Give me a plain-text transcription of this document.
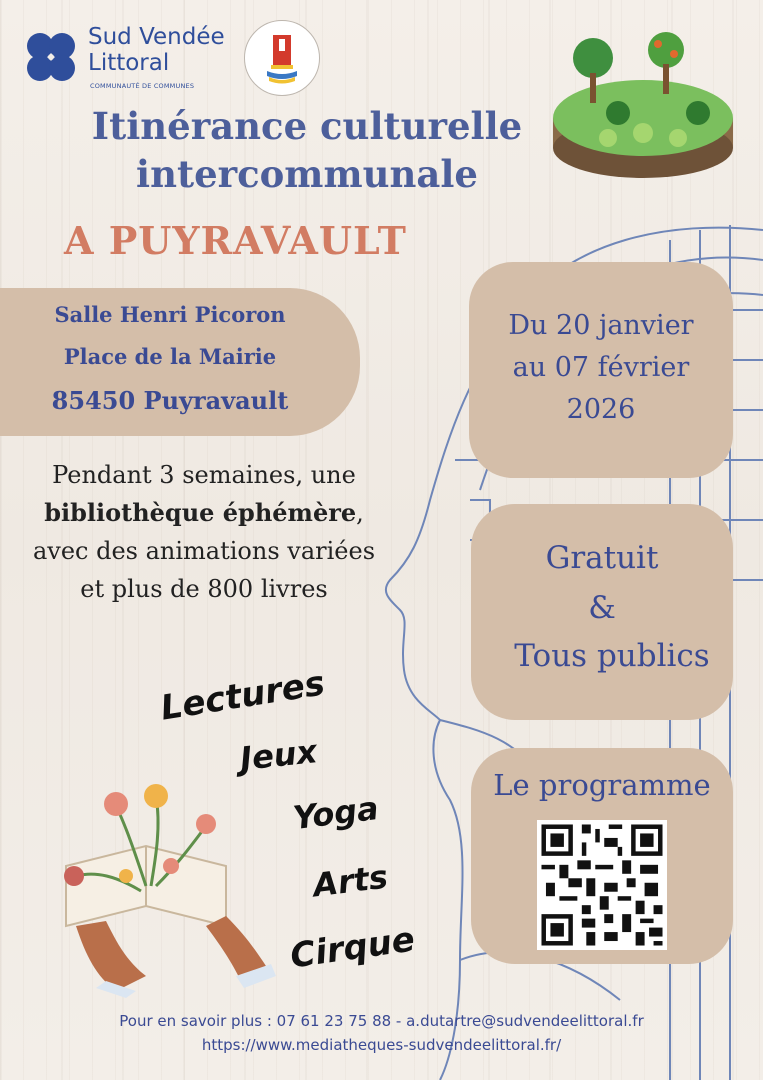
Sud Vendée
Littoral
COMMUNAUTÉ DE COMMUNES
Itinérance culturelle
intercommunale
A PUYRAVAULT
Salle Henri Picoron
Place de la Mairie
85450 Puyravault
Du 20 janvier
au 07 février
2026
Gratuit
&
Tous publics
Le programme
Pendant 3 semaines, une
bibliothèque éphémère,
avec des animations variées et plus de 800 livres
Lectures
Jeux
Yoga
Arts
Cirque
Pour en savoir plus : 07 61 23 75 88 - a.dutartre@sudvendeelittoral.fr
https://www.mediatheques-sudvendeelittoral.fr/
